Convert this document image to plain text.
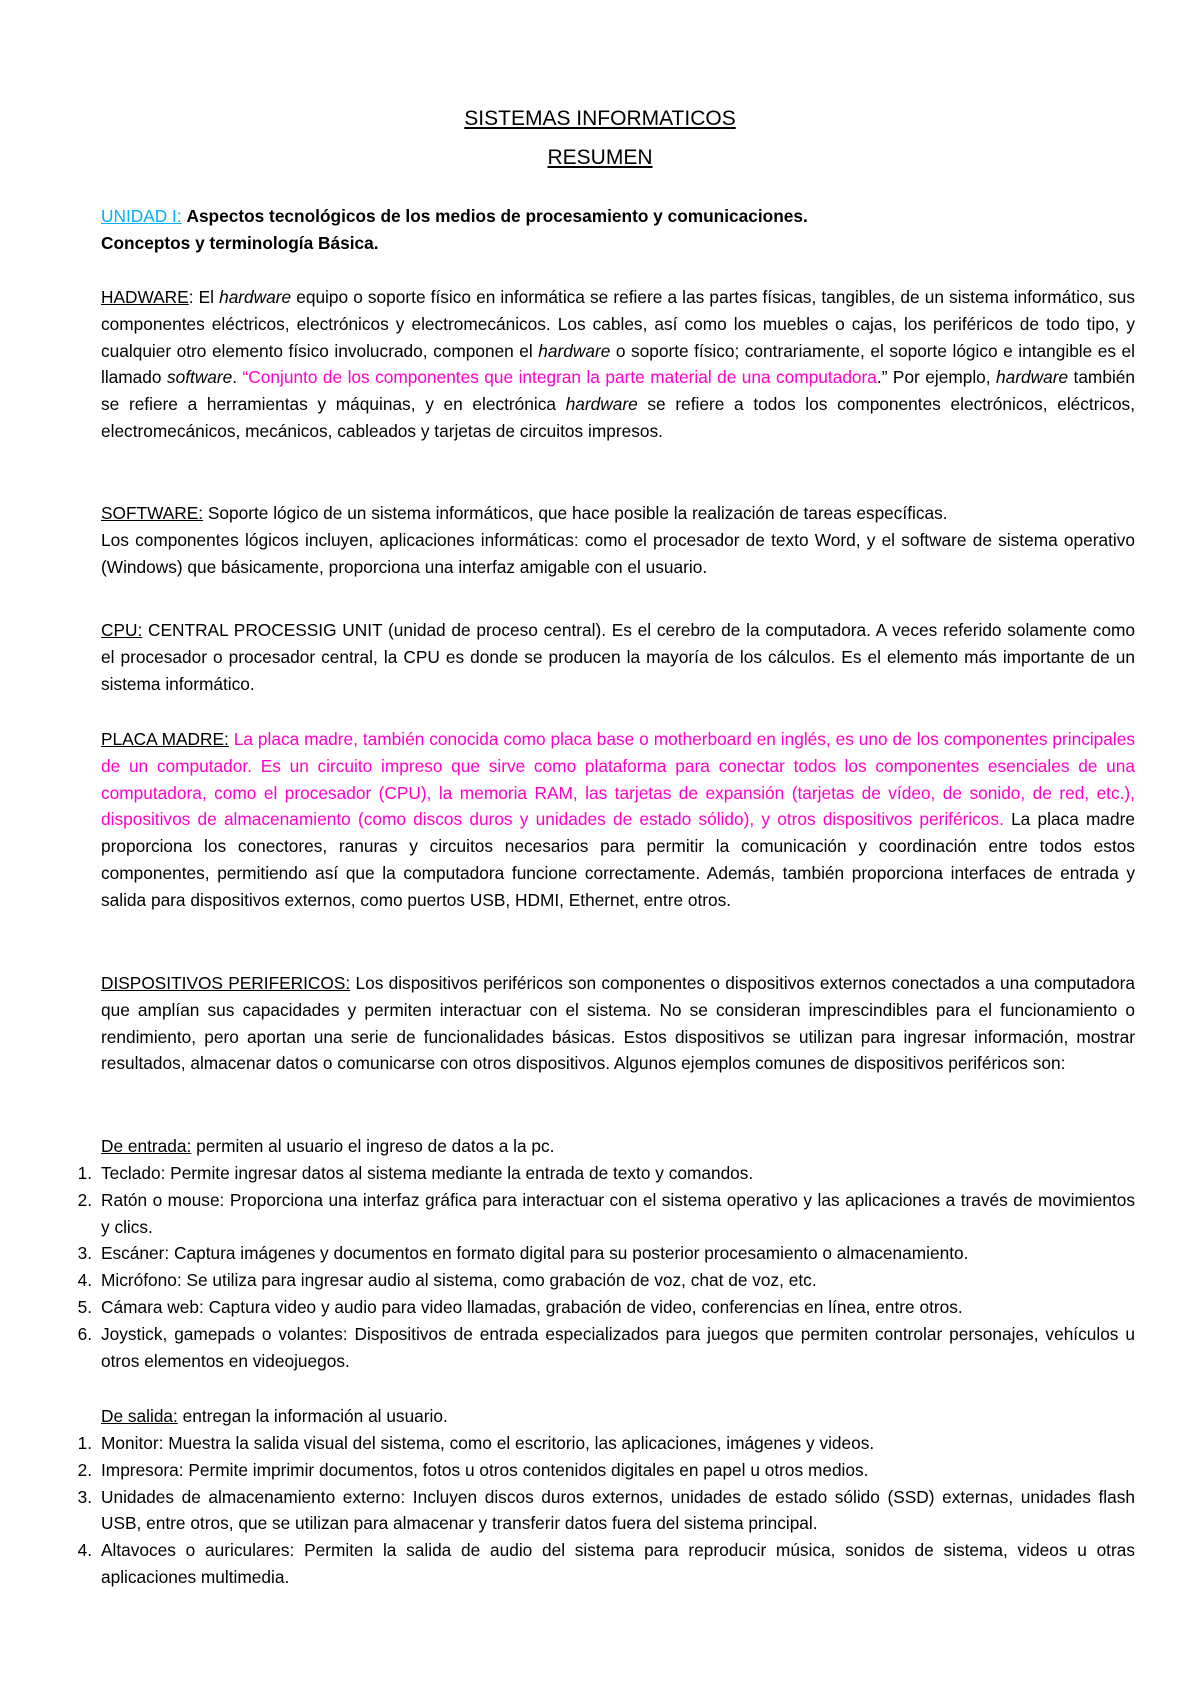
SISTEMAS INFORMATICOS
RESUMEN
UNIDAD I: Aspectos tecnológicos de los medios de procesamiento y comunicaciones.
Conceptos y terminología Básica.

HADWARE: El hardware equipo o soporte físico en informática se refiere a las partes físicas, tangibles, de un sistema informático, sus componentes eléctricos, electrónicos y electromecánicos. Los cables, así como los muebles o cajas, los periféricos de todo tipo, y cualquier otro elemento físico involucrado, componen el hardware o soporte físico; contrariamente, el soporte lógico e intangible es el llamado software. “Conjunto de los componentes que integran la parte material de una computadora.” Por ejemplo, hardware también se refiere a herramientas y máquinas, y en electrónica hardware se refiere a todos los componentes electrónicos, eléctricos, electromecánicos, mecánicos, cableados y tarjetas de circuitos impresos.

SOFTWARE: Soporte lógico de un sistema informáticos, que hace posible la realización de tareas específicas.
Los componentes lógicos incluyen, aplicaciones informáticas: como el procesador de texto Word, y el software de sistema operativo (Windows) que básicamente, proporciona una interfaz amigable con el usuario.

CPU: CENTRAL PROCESSIG UNIT (unidad de proceso central). Es el cerebro de la computadora. A veces referido solamente como el procesador o procesador central, la CPU es donde se producen la mayoría de los cálculos. Es el elemento más importante de un sistema informático.

PLACA MADRE: La placa madre, también conocida como placa base o motherboard en inglés, es uno de los componentes principales de un computador. Es un circuito impreso que sirve como plataforma para conectar todos los componentes esenciales de una computadora, como el procesador (CPU), la memoria RAM, las tarjetas de expansión (tarjetas de vídeo, de sonido, de red, etc.), dispositivos de almacenamiento (como discos duros y unidades de estado sólido), y otros dispositivos periféricos. La placa madre proporciona los conectores, ranuras y circuitos necesarios para permitir la comunicación y coordinación entre todos estos componentes, permitiendo así que la computadora funcione correctamente. Además, también proporciona interfaces de entrada y salida para dispositivos externos, como puertos USB, HDMI, Ethernet, entre otros.

DISPOSITIVOS PERIFERICOS: Los dispositivos periféricos son componentes o dispositivos externos conectados a una computadora que amplían sus capacidades y permiten interactuar con el sistema. No se consideran imprescindibles para el funcionamiento o rendimiento, pero aportan una serie de funcionalidades básicas. Estos dispositivos se utilizan para ingresar información, mostrar resultados, almacenar datos o comunicarse con otros dispositivos. Algunos ejemplos comunes de dispositivos periféricos son:

De entrada: permiten al usuario el ingreso de datos a la pc.

1. Teclado: Permite ingresar datos al sistema mediante la entrada de texto y comandos.
2. Ratón o mouse: Proporciona una interfaz gráfica para interactuar con el sistema operativo y las aplicaciones a través de movimientos y clics.
3. Escáner: Captura imágenes y documentos en formato digital para su posterior procesamiento o almacenamiento.
4. Micrófono: Se utiliza para ingresar audio al sistema, como grabación de voz, chat de voz, etc.
5. Cámara web: Captura video y audio para video llamadas, grabación de video, conferencias en línea, entre otros.
6. Joystick, gamepads o volantes: Dispositivos de entrada especializados para juegos que permiten controlar personajes, vehículos u otros elementos en videojuegos.

De salida: entregan la información al usuario.

1. Monitor: Muestra la salida visual del sistema, como el escritorio, las aplicaciones, imágenes y videos.
2. Impresora: Permite imprimir documentos, fotos u otros contenidos digitales en papel u otros medios.
3. Unidades de almacenamiento externo: Incluyen discos duros externos, unidades de estado sólido (SSD) externas, unidades flash USB, entre otros, que se utilizan para almacenar y transferir datos fuera del sistema principal.
4. Altavoces o auriculares: Permiten la salida de audio del sistema para reproducir música, sonidos de sistema, videos u otras aplicaciones multimedia.
